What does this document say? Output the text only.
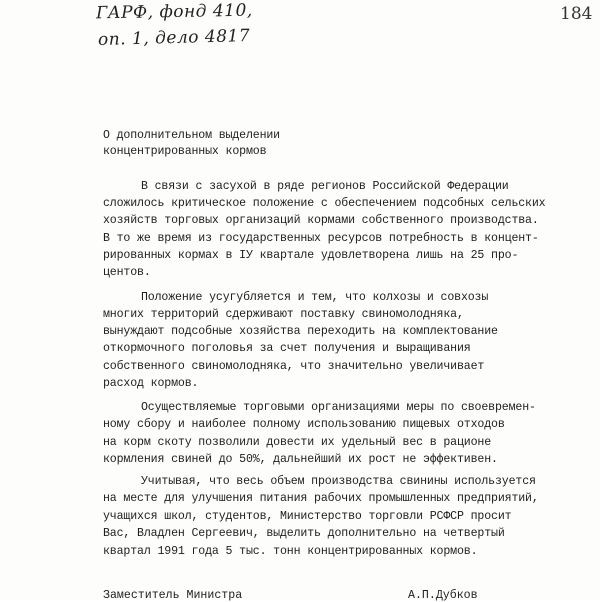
ГАРФ, фонд 410,
оп. 1, дело 4817
184
О дополнительном выделении
концентрированных кормов
В связи с засухой в ряде регионов Российской Федерации
сложилось критическое положение с обеспечением подсобных сельских
хозяйств торговых организаций кормами собственного производства.
В то же время из государственных ресурсов потребность в концент-
рированных кормах в IУ квартале удовлетворена лишь на 25 про-
центов.
Положение усугубляется и тем, что колхозы и совхозы
многих территорий сдерживают поставку свиномолодняка,
вынуждают подсобные хозяйства переходить на комплектование
откормочного поголовья за счет получения и выращивания
собственного свиномолодняка, что значительно увеличивает
расход кормов.
Осуществляемые торговыми организациями меры по своевремен-
ному сбору и наиболее полному использованию пищевых отходов
на корм скоту позволили довести их удельный вес в рационе
кормления свиней до 50%, дальнейший их рост не эффективен.
Учитывая, что весь объем производства свинины используется
на месте для улучшения питания рабочих промышленных предприятий,
учащихся школ, студентов, Министерство торговли РСФСР просит
Вас, Владлен Сергеевич, выделить дополнительно на четвертый
квартал 1991 года 5 тыс. тонн концентрированных кормов.
Заместитель Министра	А.П.Дубков
